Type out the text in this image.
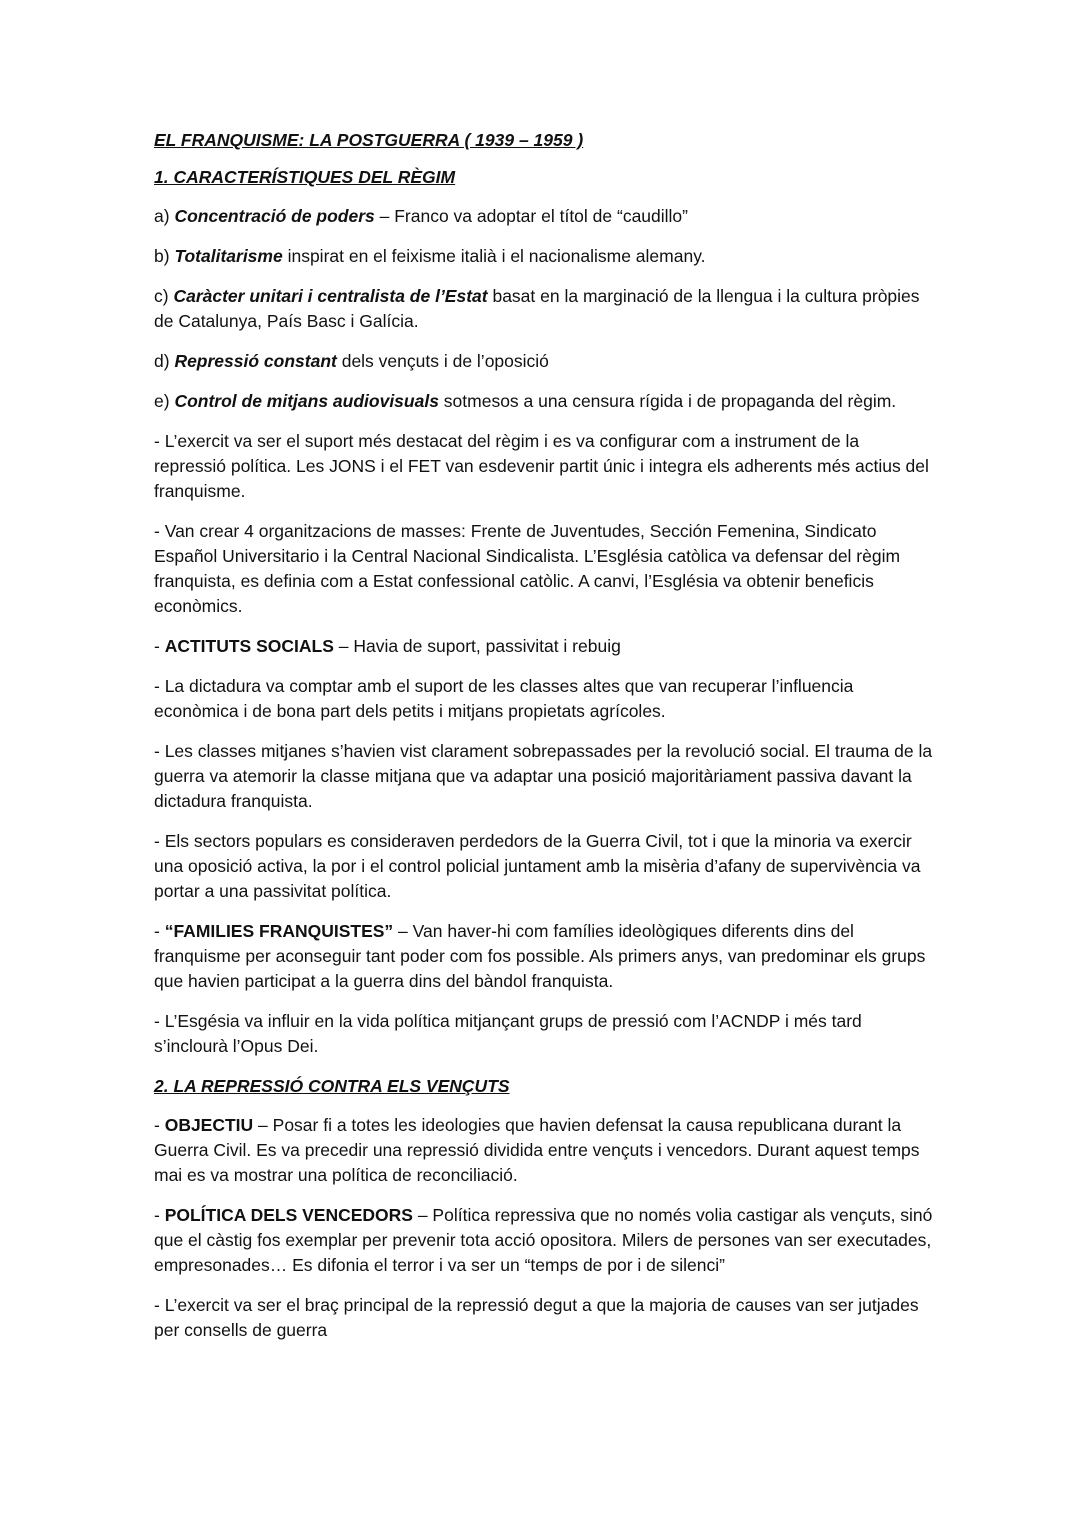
EL FRANQUISME: LA POSTGUERRA ( 1939 – 1959 )

1. CARACTERÍSTIQUES DEL RÈGIM

a) Concentració de poders – Franco va adoptar el títol de “caudillo”

b) Totalitarisme inspirat en el feixisme italià i el nacionalisme alemany.

c) Caràcter unitari i centralista de l’Estat basat en la marginació de la llengua i la cultura pròpies de Catalunya, País Basc i Galícia.

d) Repressió constant dels vençuts i de l’oposició

e) Control de mitjans audiovisuals sotmesos a una censura rígida i de propaganda del règim.

- L’exercit va ser el suport més destacat del règim i es va configurar com a instrument de la repressió política. Les JONS i el FET van esdevenir partit únic i integra els adherents més actius del franquisme.

- Van crear 4 organitzacions de masses: Frente de Juventudes, Sección Femenina, Sindicato Español Universitario i la Central Nacional Sindicalista. L’Església catòlica va defensar del règim franquista, es definia com a Estat confessional catòlic. A canvi, l’Església va obtenir beneficis econòmics.

- ACTITUTS SOCIALS – Havia de suport, passivitat i rebuig

- La dictadura va comptar amb el suport de les classes altes que van recuperar l’influencia econòmica i de bona part dels petits i mitjans propietats agrícoles.

- Les classes mitjanes s’havien vist clarament sobrepassades per la revolució social. El trauma de la guerra va atemorir la classe mitjana que va adaptar una posició majoritàriament passiva davant la dictadura franquista.

- Els sectors populars es consideraven perdedors de la Guerra Civil, tot i que la minoria va exercir una oposició activa, la por i el control policial juntament amb la misèria d’afany de supervivència va portar a una passivitat política.

- “FAMILIES FRANQUISTES” – Van haver-hi com famílies ideològiques diferents dins del franquisme per aconseguir tant poder com fos possible. Als primers anys, van predominar els grups que havien participat a la guerra dins del bàndol franquista.

- L’Esgésia va influir en la vida política mitjançant grups de pressió com l’ACNDP i més tard s’inclourà l’Opus Dei.

2. LA REPRESSIÓ CONTRA ELS VENÇUTS

- OBJECTIU – Posar fi a totes les ideologies que havien defensat la causa republicana durant la Guerra Civil. Es va precedir una repressió dividida entre vençuts i vencedors. Durant aquest temps mai es va mostrar una política de reconciliació.

- POLÍTICA DELS VENCEDORS – Política repressiva que no només volia castigar als vençuts, sinó que el càstig fos exemplar per prevenir tota acció opositora. Milers de persones van ser executades, empresonades… Es difonia el terror i va ser un “temps de por i de silenci”

- L’exercit va ser el braç principal de la repressió degut a que la majoria de causes van ser jutjades per consells de guerra
